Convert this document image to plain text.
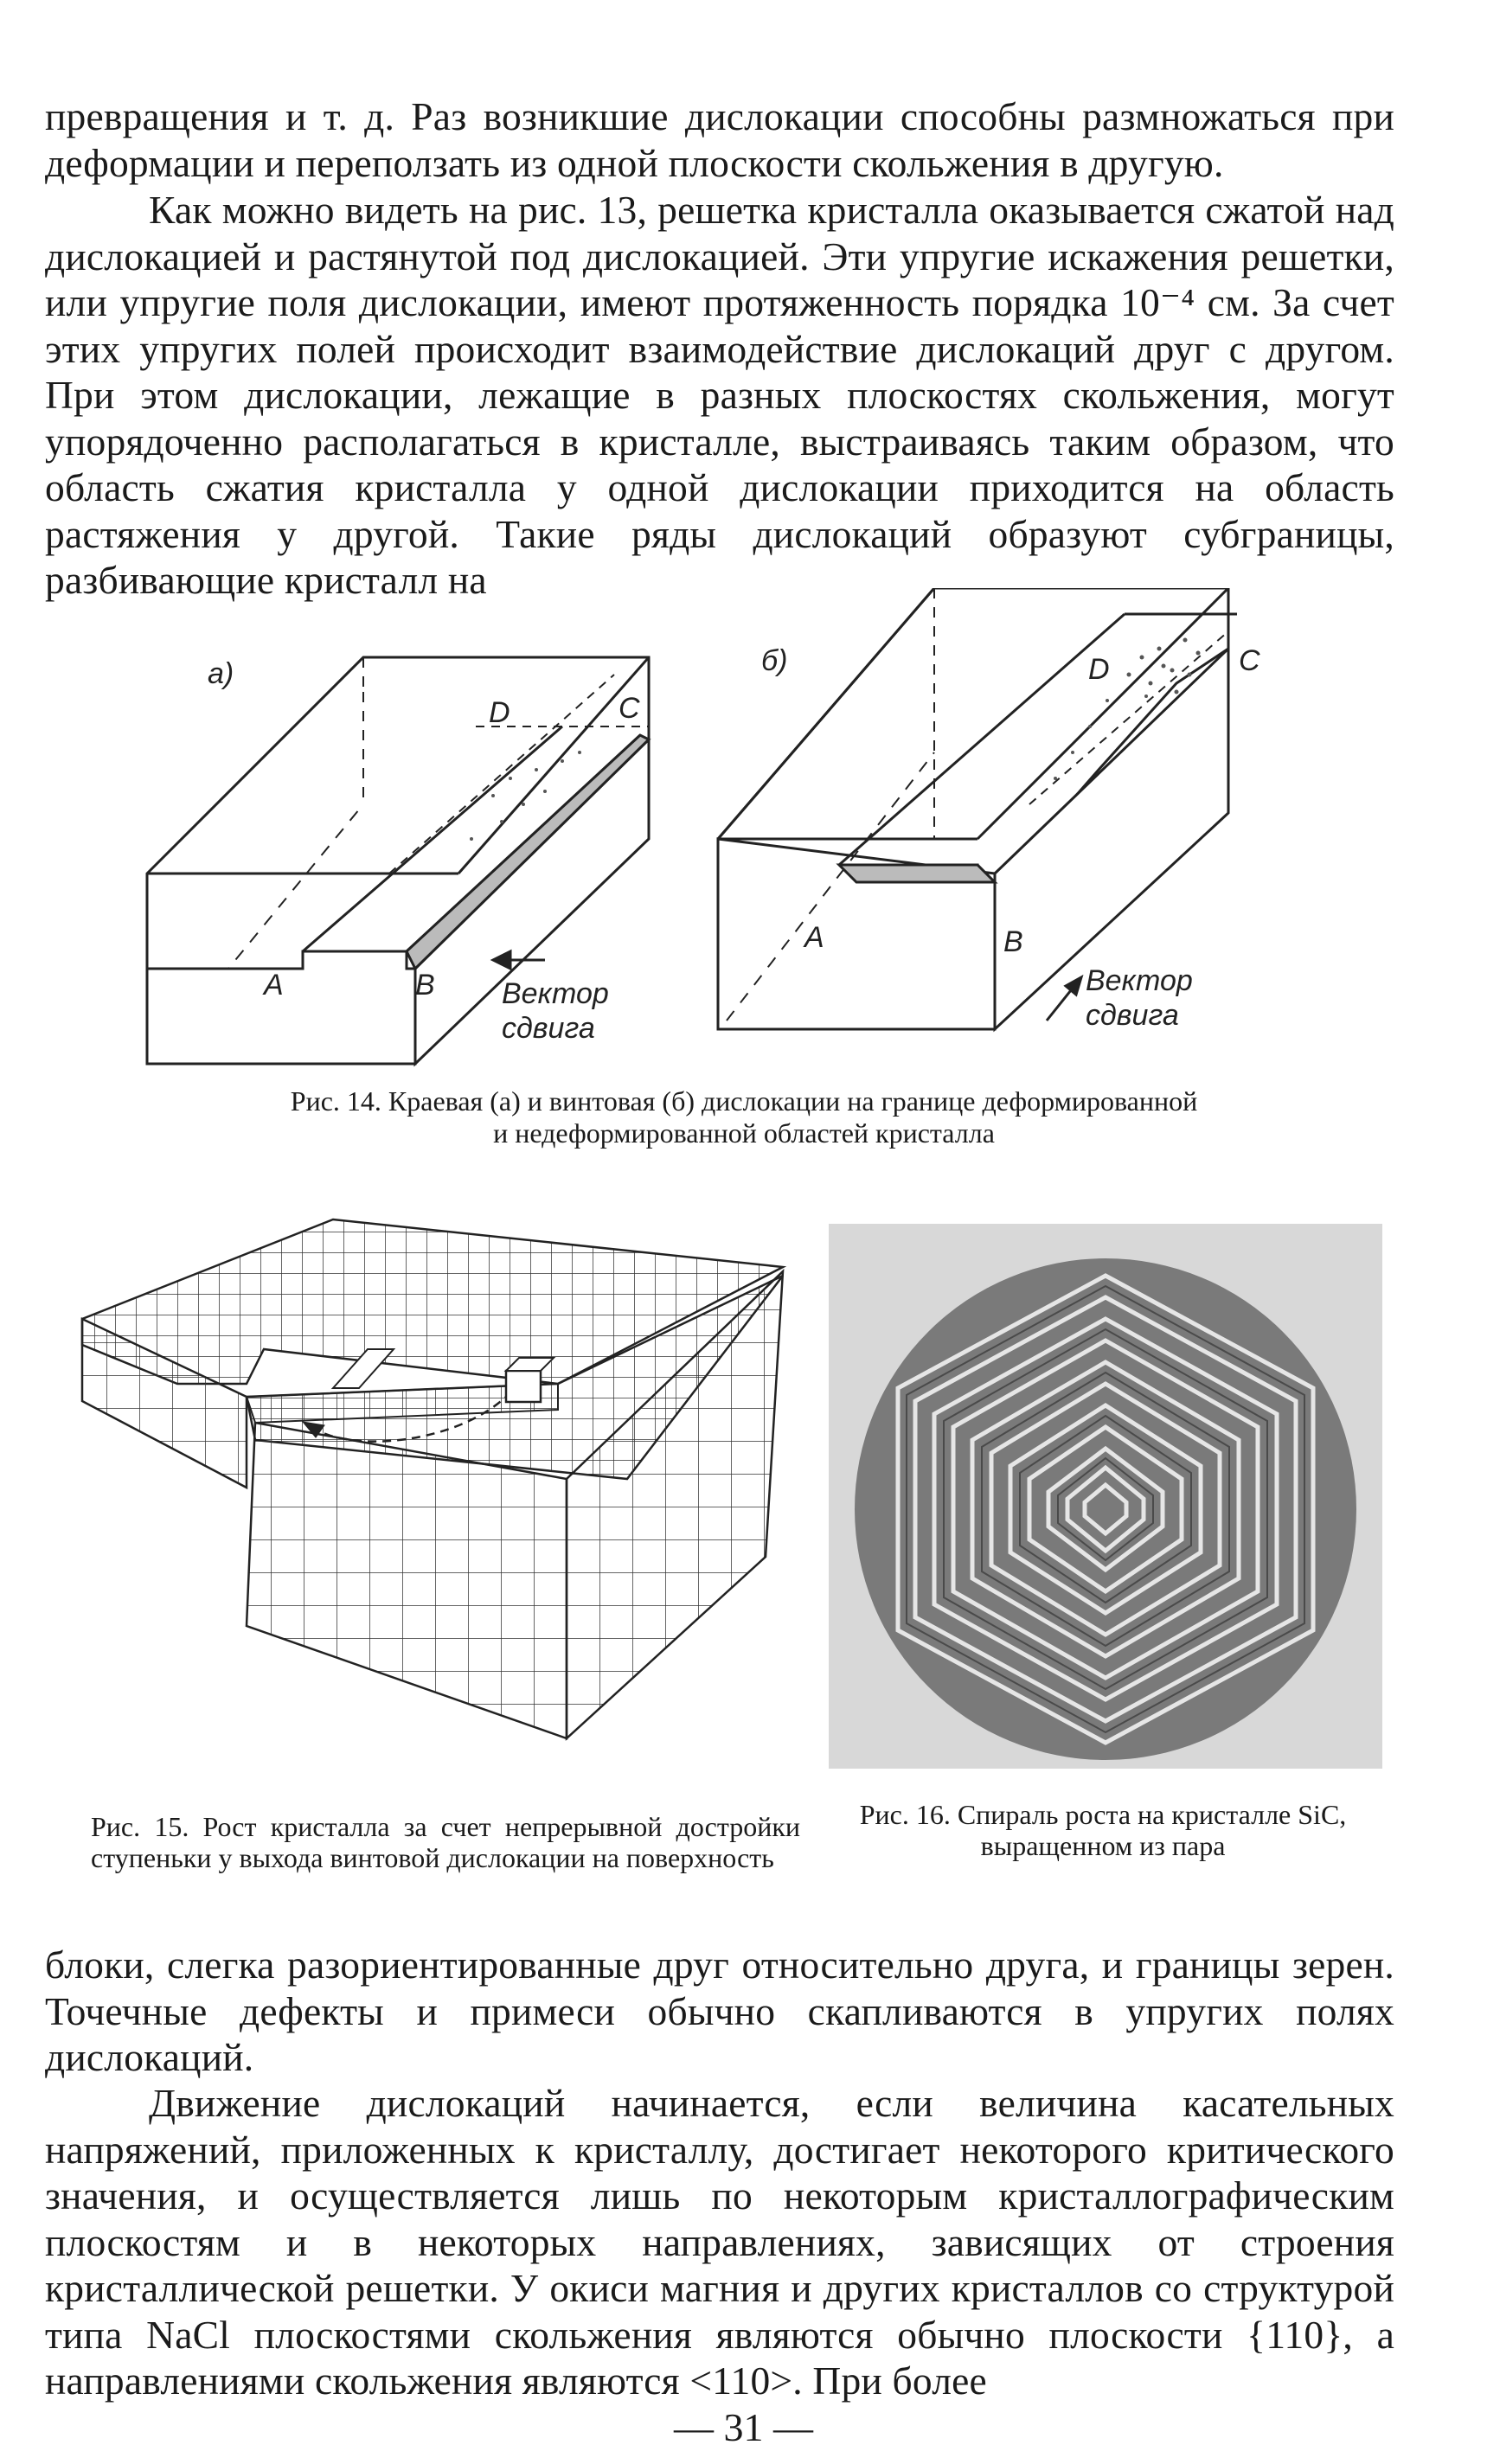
превращения и т. д. Раз возникшие дислокации способны размножаться при деформации и переползать из одной плоскости скольжения в другую.

Как можно видеть на рис. 13, решетка кристалла оказывается сжатой над дислокацией и растянутой под дислокацией. Эти упругие искажения решетки, или упругие поля дислокации, имеют протяженность порядка 10⁻⁴ см. За счет этих упругих полей происходит взаимодействие дислокаций друг с другом. При этом дислокации, лежащие в разных плоскостях скольжения, могут упорядоченно располагаться в кристалле, выстраиваясь таким образом, что область сжатия кристалла у одной дислокации приходится на область растяжения у другой. Такие ряды дислокаций образуют субграницы, разбивающие кристалл на

а)
A	B
C
D
Вектор
сдвига
б)
A	B
C
D
Вектор
сдвига

Рис. 14. Краевая (а) и винтовая (б) дислокации на границе деформированной

и недеформированной областей кристалла

Рис. 15. Рост кристалла за счет непрерывной достройки ступеньки у выхода винтовой дислокации на поверхность

Рис. 16. Спираль роста на кристалле SiC, выращенном из пара

блоки, слегка разориентированные друг относительно друга, и границы зерен. Точечные дефекты и примеси обычно скапливаются в упругих полях дислокаций.

Движение дислокаций начинается, если величина касательных напряжений, приложенных к кристаллу, достигает некоторого критического значения, и осуществляется лишь по некоторым кристаллографическим плоскостям и в некоторых направлениях, зависящих от строения кристаллической решетки. У окиси магния и других кристаллов со структурой типа NaCl плоскостями скольжения являются обычно плоскости {110}, а направлениями скольжения являются <110>. При более

— 31 —
